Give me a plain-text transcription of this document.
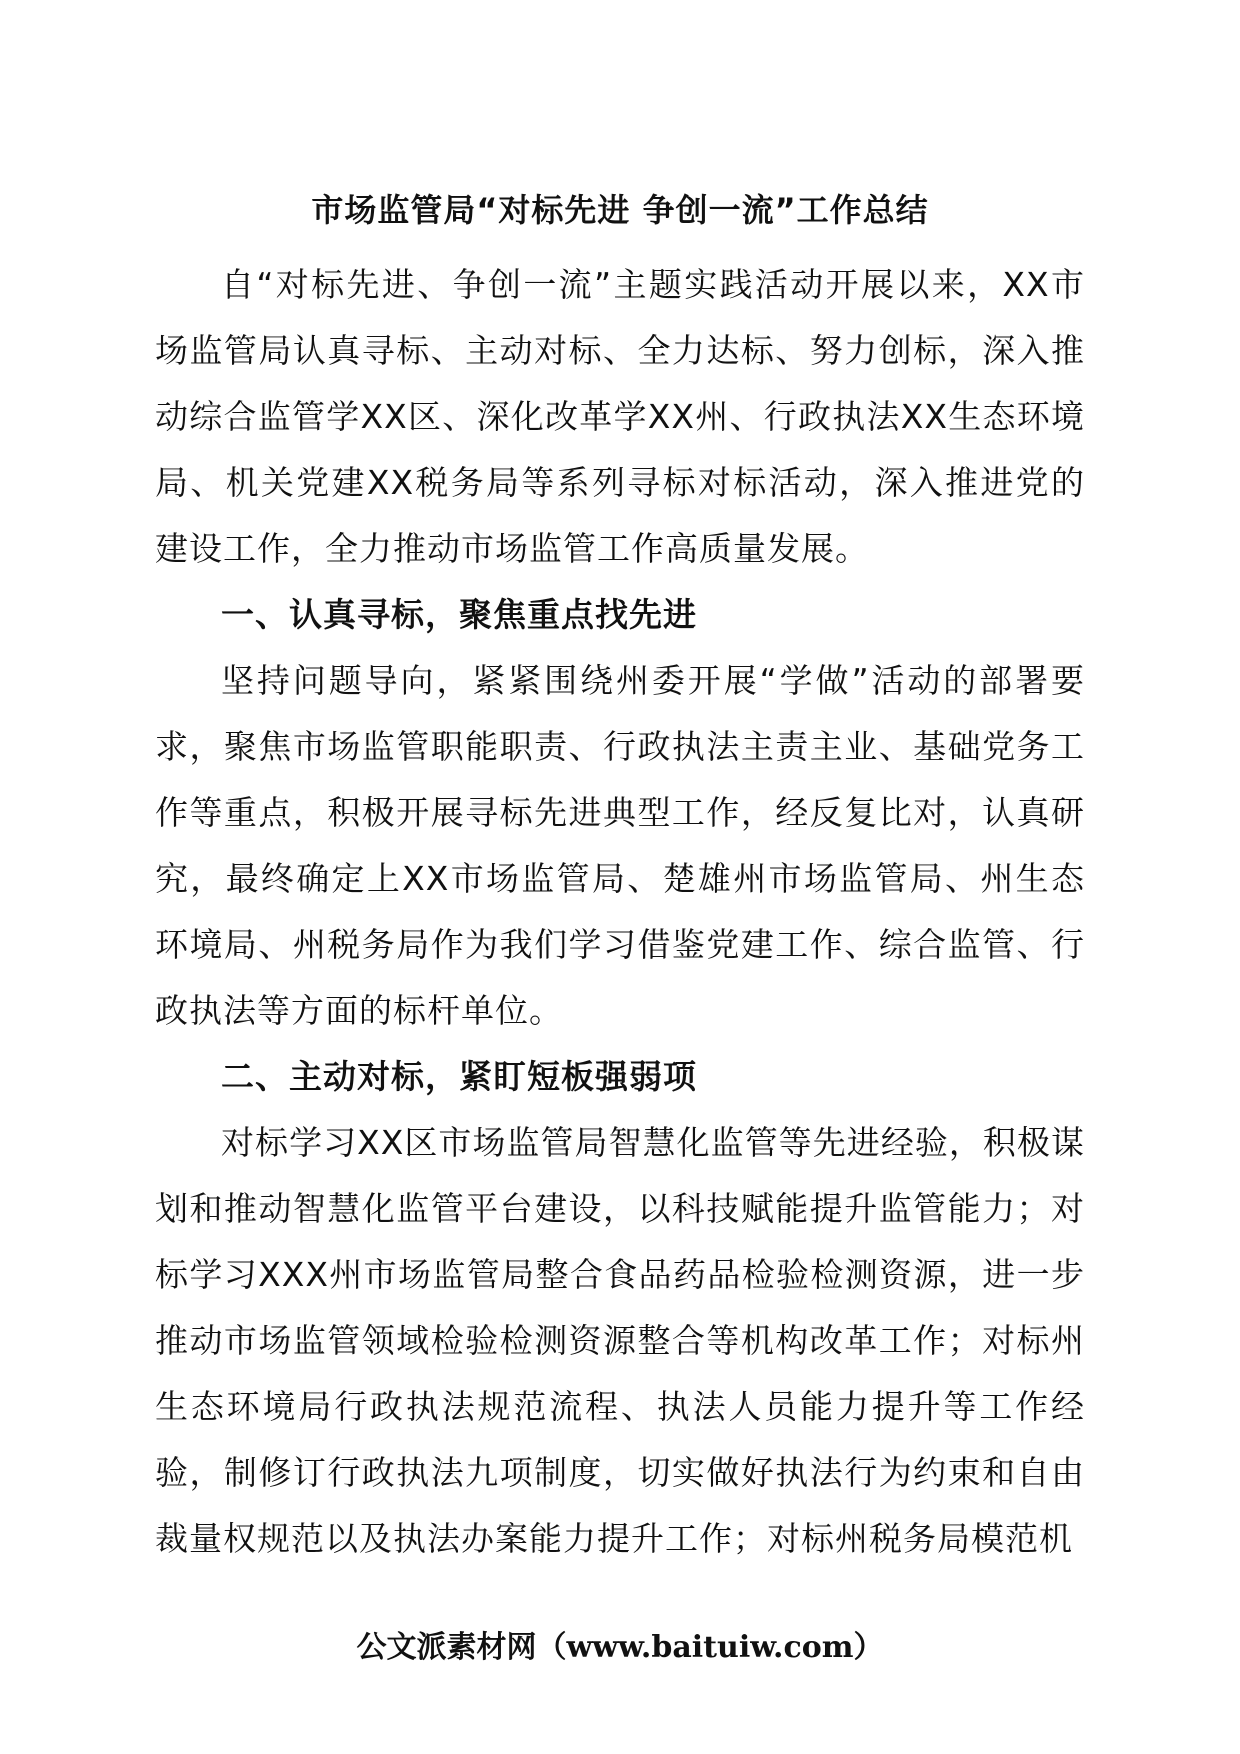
市场监管局“对标先进 争创一流”工作总结

自“对标先进、争创一流”主题实践活动开展以来，XX市场监管局认真寻标、主动对标、全力达标、努力创标，深入推动综合监管学XX区、深化改革学XX州、行政执法XX生态环境局、机关党建XX税务局等系列寻标对标活动，深入推进党的建设工作，全力推动市场监管工作高质量发展。

一、认真寻标，聚焦重点找先进

坚持问题导向，紧紧围绕州委开展“学做”活动的部署要求，聚焦市场监管职能职责、行政执法主责主业、基础党务工作等重点，积极开展寻标先进典型工作，经反复比对，认真研究，最终确定上XX市场监管局、楚雄州市场监管局、州生态环境局、州税务局作为我们学习借鉴党建工作、综合监管、行政执法等方面的标杆单位。

二、主动对标，紧盯短板强弱项

对标学习XX区市场监管局智慧化监管等先进经验，积极谋划和推动智慧化监管平台建设，以科技赋能提升监管能力；对标学习XXX州市场监管局整合食品药品检验检测资源，进一步推动市场监管领域检验检测资源整合等机构改革工作；对标州生态环境局行政执法规范流程、执法人员能力提升等工作经验，制修订行政执法九项制度，切实做好执法行为约束和自由裁量权规范以及执法办案能力提升工作；对标州税务局模范机

公文派素材网（www.baituiw.com）
